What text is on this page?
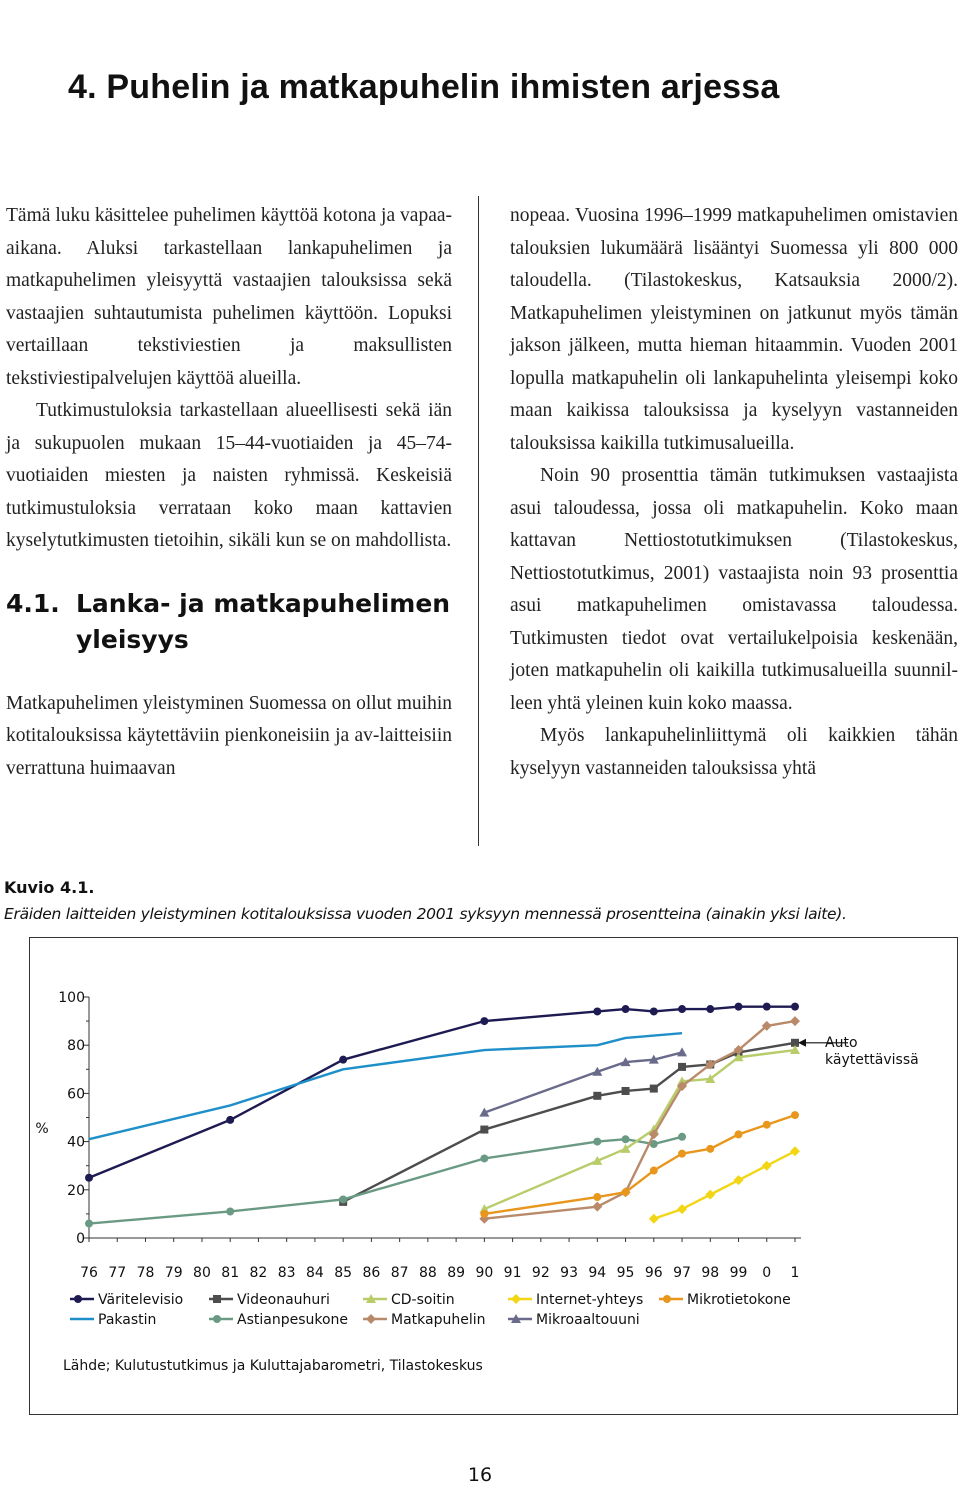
4. Puhelin ja matkapuhelin ihmisten arjessa

Tämä luku käsittelee puhelimen käyttöä kotona ja vapaa-aikana. Aluksi tarkastellaan lankapuhelimen ja matkapuhelimen yleisyyttä vastaajien talouksissa sekä vastaajien suhtautumista puhelimen käyttöön. Lopuksi vertaillaan tekstiviestien ja maksullisten tekstiviestipalvelujen käyttöä alueilla.

Tutkimustuloksia tarkastellaan alueellisesti sekä iän ja sukupuolen mukaan 15–44-vuotiaiden ja 45–74-vuotiaiden miesten ja naisten ryhmissä. Keskeisiä tutkimustuloksia verrataan koko maan kattavien kyselytutkimusten tietoihin, sikäli kun se on mahdollista.

4.1. Lanka- ja matkapuhelimen yleisyys

Matkapuhelimen yleistyminen Suomessa on ollut muihin kotitalouksissa käytettäviin pienkoneisiin ja av-laitteisiin verrattuna huimaavan

nopeaa. Vuosina 1996–1999 matkapuhelimen omistavien talouksien lukumäärä lisääntyi Suomessa yli 800 000 taloudella. (Tilastokeskus, Katsauksia 2000/2). Matkapuhelimen yleistyminen on jatkunut myös tämän jakson jälkeen, mutta hieman hitaammin. Vuoden 2001 lopulla matkapuhelin oli lankapuhelinta yleisempi koko maan kaikissa talouksissa ja kyselyyn vastanneiden talouksissa kaikilla tutkimusalueilla.

Noin 90 prosenttia tämän tutkimuksen vastaajista asui taloudessa, jossa oli matkapuhelin. Koko maan kattavan Nettiostotutkimuksen (Tilastokeskus, Nettiostotutkimus, 2001) vastaajista noin 93 prosenttia asui matkapuhelimen omistavassa taloudessa. Tutkimusten tiedot ovat vertailukelpoisia keskenään, joten matkapuhelin oli kaikilla tutkimusalueilla suunnilleen yhtä yleinen kuin koko maassa.

Myös lankapuhelinliittymä oli kaikkien tähän kyselyyn vastanneiden talouksissa yhtä

Kuvio 4.1.
Eräiden laitteiden yleistyminen kotitalouksissa vuoden 2001 syksyyn mennessä prosentteina (ainakin yksi laite).
0
20
40
60
80
100
%
76 77 78 79 80 81 82 83 84 85 86 87 88 89 90 91 92 93 94 95 96 97 98 99 0 1
Auto
käytettävissä
Väritelevisio	Videonauhuri	CD-soitin	Internet-yhteys	Mikrotietokone
Pakastin	Astianpesukone	Matkapuhelin	Mikroaaltouuni
Lähde; Kulutustutkimus ja Kuluttajabarometri, Tilastokeskus
16
